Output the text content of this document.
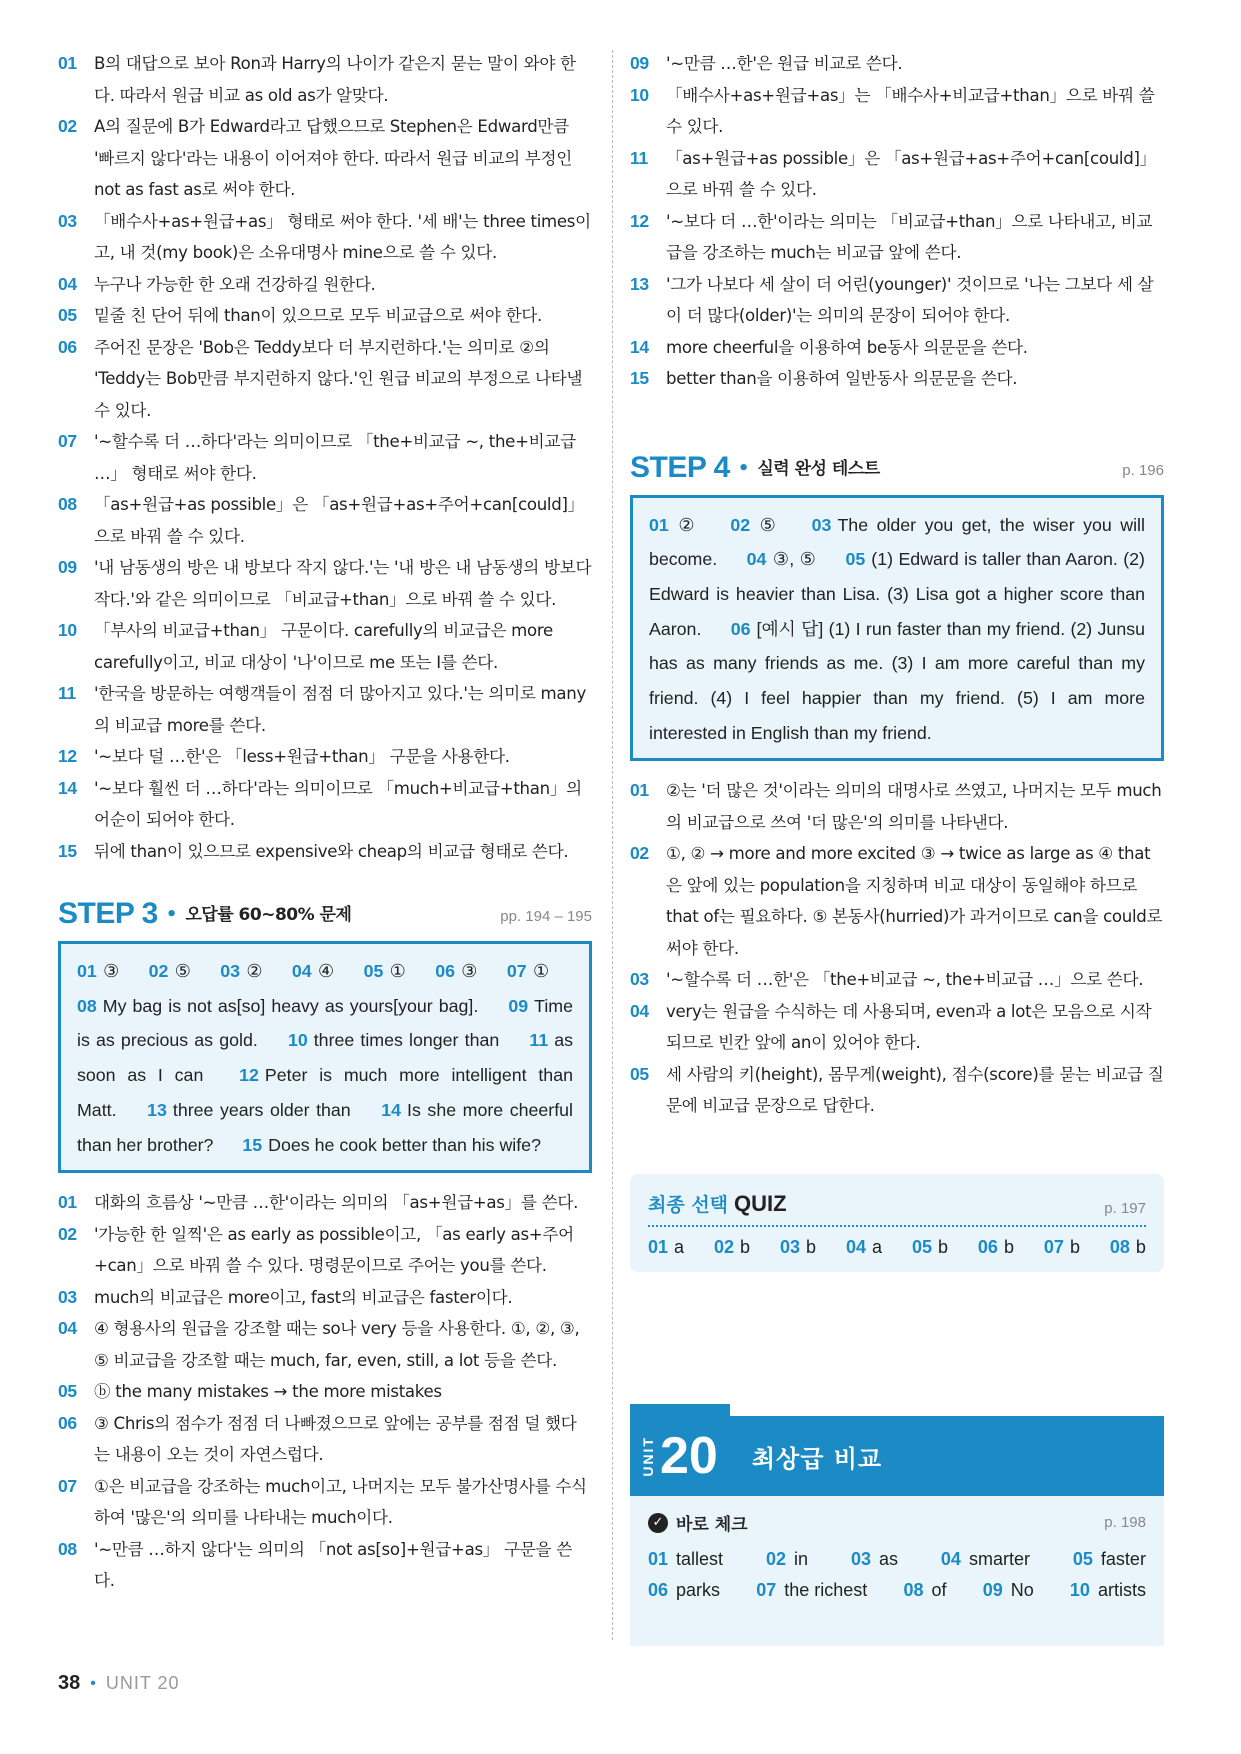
01	B의 대답으로 보아 Ron과 Harry의 나이가 같은지 묻는 말이 와야 한다. 따라서 원급 비교 as old as가 알맞다.
02	A의 질문에 B가 Edward라고 답했으므로 Stephen은 Edward만큼 '빠르지 않다'라는 내용이 이어져야 한다. 따라서 원급 비교의 부정인 not as fast as로 써야 한다.
03	「배수사+as+원급+as」 형태로 써야 한다. '세 배'는 three times이고, 내 것(my book)은 소유대명사 mine으로 쓸 수 있다.
04	누구나 가능한 한 오래 건강하길 원한다.
05	밑줄 친 단어 뒤에 than이 있으므로 모두 비교급으로 써야 한다.
06	주어진 문장은 'Bob은 Teddy보다 더 부지런하다.'는 의미로 ②의 'Teddy는 Bob만큼 부지런하지 않다.'인 원급 비교의 부정으로 나타낼 수 있다.
07	'~할수록 더 …하다'라는 의미이므로 「the+비교급 ~, the+비교급 …」 형태로 써야 한다.
08	「as+원급+as possible」은 「as+원급+as+주어+can[could]」으로 바꿔 쓸 수 있다.
09	'내 남동생의 방은 내 방보다 작지 않다.'는 '내 방은 내 남동생의 방보다 작다.'와 같은 의미이므로 「비교급+than」으로 바꿔 쓸 수 있다.
10	「부사의 비교급+than」 구문이다. carefully의 비교급은 more carefully이고, 비교 대상이 '나'이므로 me 또는 I를 쓴다.
11	'한국을 방문하는 여행객들이 점점 더 많아지고 있다.'는 의미로 many의 비교급 more를 쓴다.
12	'~보다 덜 …한'은 「less+원급+than」 구문을 사용한다.
14	'~보다 훨씬 더 …하다'라는 의미이므로 「much+비교급+than」의 어순이 되어야 한다.
15	뒤에 than이 있으므로 expensive와 cheap의 비교급 형태로 쓴다.
STEP 3 • 오답률 60~80% 문제	pp. 194 – 195
01 ③ 02 ⑤ 03 ② 04 ④ 05 ① 06 ③ 07 ① 08 My bag is not as[so] heavy as yours[your bag]. 09 Time is as precious as gold. 10 three times longer than 11 as soon as I can 12 Peter is much more intelligent than Matt. 13 three years older than 14 Is she more cheerful than her brother? 15 Does he cook better than his wife?
01	대화의 흐름상 '~만큼 …한'이라는 의미의 「as+원급+as」를 쓴다.
02	'가능한 한 일찍'은 as early as possible이고, 「as early as+주어+can」으로 바꿔 쓸 수 있다. 명령문이므로 주어는 you를 쓴다.
03	much의 비교급은 more이고, fast의 비교급은 faster이다.
04	④ 형용사의 원급을 강조할 때는 so나 very 등을 사용한다. ①, ②, ③, ⑤ 비교급을 강조할 때는 much, far, even, still, a lot 등을 쓴다.
05	ⓑ the many mistakes → the more mistakes
06	③ Chris의 점수가 점점 더 나빠졌으므로 앞에는 공부를 점점 덜 했다는 내용이 오는 것이 자연스럽다.
07	①은 비교급을 강조하는 much이고, 나머지는 모두 불가산명사를 수식하여 '많은'의 의미를 나타내는 much이다.
08	'~만큼 …하지 않다'는 의미의 「not as[so]+원급+as」 구문을 쓴다.
09	'~만큼 …한'은 원급 비교로 쓴다.
10	「배수사+as+원급+as」는 「배수사+비교급+than」으로 바꿔 쓸 수 있다.
11	「as+원급+as possible」은 「as+원급+as+주어+can[could]」으로 바꿔 쓸 수 있다.
12	'~보다 더 …한'이라는 의미는 「비교급+than」으로 나타내고, 비교급을 강조하는 much는 비교급 앞에 쓴다.
13	'그가 나보다 세 살이 더 어린(younger)' 것이므로 '나는 그보다 세 살이 더 많다(older)'는 의미의 문장이 되어야 한다.
14	more cheerful을 이용하여 be동사 의문문을 쓴다.
15	better than을 이용하여 일반동사 의문문을 쓴다.
STEP 4 • 실력 완성 테스트	p. 196
01 ② 02 ⑤ 03 The older you get, the wiser you will become. 04 ③, ⑤ 05 (1) Edward is taller than Aaron. (2) Edward is heavier than Lisa. (3) Lisa got a higher score than Aaron. 06 [예시 답] (1) I run faster than my friend. (2) Junsu has as many friends as me. (3) I am more careful than my friend. (4) I feel happier than my friend. (5) I am more interested in English than my friend.
01	②는 '더 많은 것'이라는 의미의 대명사로 쓰였고, 나머지는 모두 much의 비교급으로 쓰여 '더 많은'의 의미를 나타낸다.
02	①, ② → more and more excited ③ → twice as large as ④ that은 앞에 있는 population을 지칭하며 비교 대상이 동일해야 하므로 that of는 필요하다. ⑤ 본동사(hurried)가 과거이므로 can을 could로 써야 한다.
03	'~할수록 더 …한'은 「the+비교급 ~, the+비교급 …」으로 쓴다.
04	very는 원급을 수식하는 데 사용되며, even과 a lot은 모음으로 시작되므로 빈칸 앞에 an이 있어야 한다.
05	세 사람의 키(height), 몸무게(weight), 점수(score)를 묻는 비교급 질문에 비교급 문장으로 답한다.
최종 선택 QUIZ	p. 197
01 a 02 b 03 b 04 a 05 b 06 b 07 b 08 b
UNIT 20 최상급 비교
✓ 바로 체크	p. 198
01 tallest 02 in 03 as 04 smarter 05 faster
06 parks 07 the richest 08 of 09 No 10 artists
38 • UNIT 20
